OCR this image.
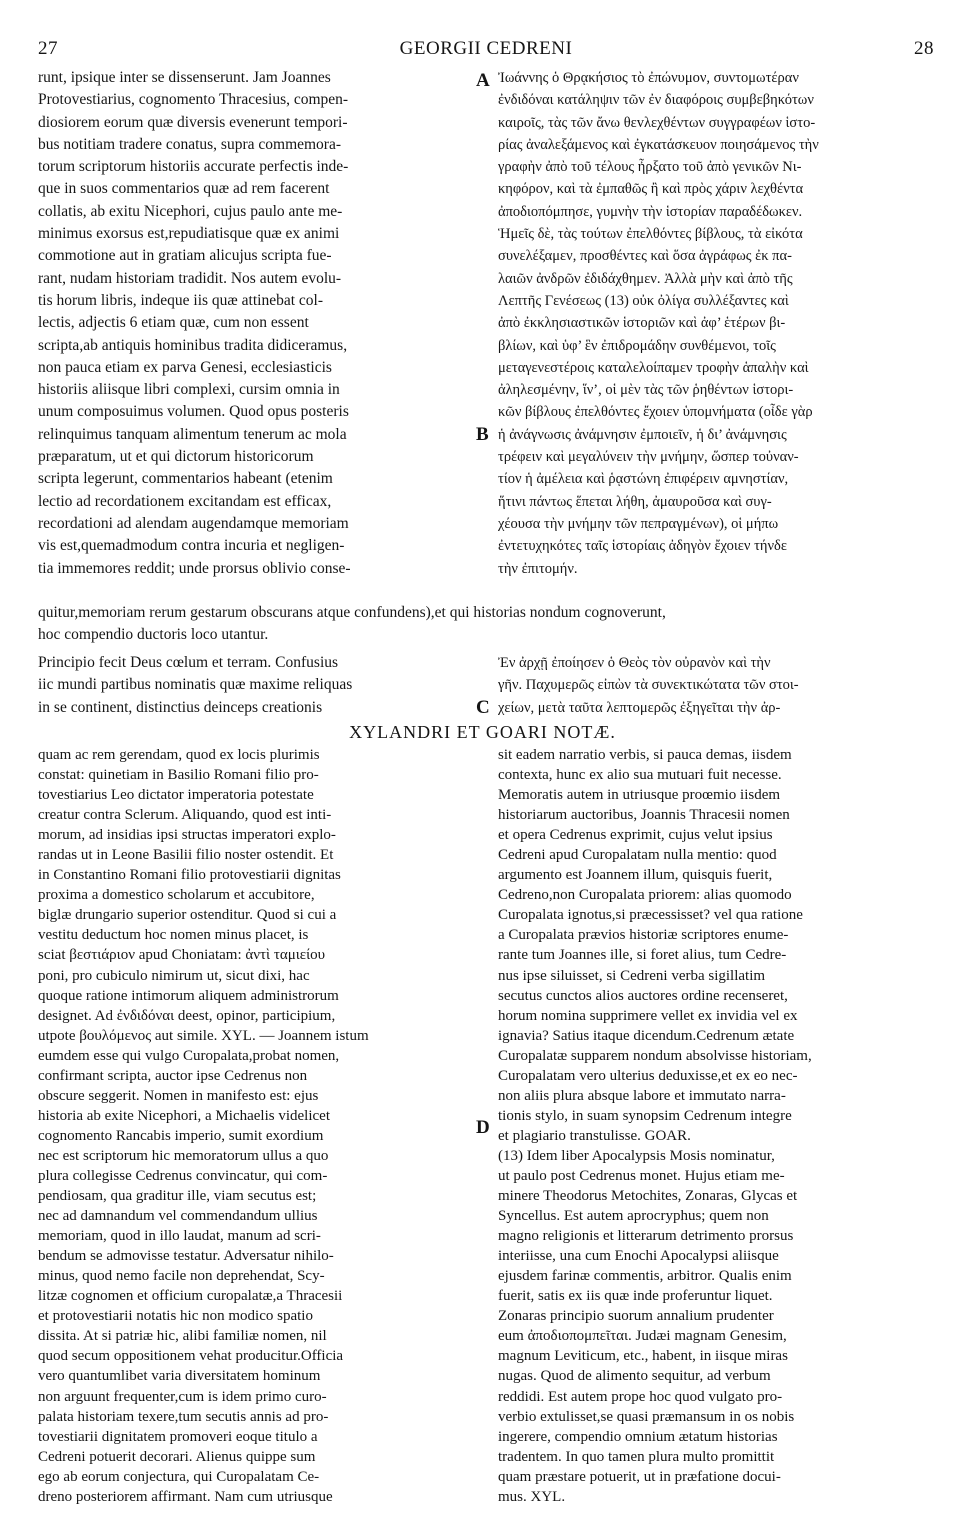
27	GEORGII CEDRENI	28
runt, ipsique inter se dissenserunt. Jam Joannes
Protovestiarius, cognomento Thracesius, compen-
diosiorem eorum quæ diversis evenerunt tempori-
bus notitiam tradere conatus, supra commemora-
torum scriptorum historiis accurate perfectis inde-
que in suos commentarios quæ ad rem facerent
collatis, ab exitu Nicephori, cujus paulo ante me-
minimus exorsus est,repudiatisque quæ ex animi
commotione aut in gratiam alicujus scripta fue-
rant, nudam historiam tradidit. Nos autem evolu-
tis horum libris, indeque iis quæ attinebat col-
lectis, adjectis 6 etiam quæ, cum non essent
scripta,ab antiquis hominibus tradita didiceramus,
non pauca etiam ex parva Genesi, ecclesiasticis
historiis aliisque libri complexi, cursim omnia in
unum composuimus volumen. Quod opus posteris
relinquimus tanquam alimentum tenerum ac mola
præparatum, ut et qui dictorum historicorum
scripta legerunt, commentarios habeant (etenim
lectio ad recordationem excitandam est efficax,
recordationi ad alendam augendamque memoriam
vis est,quemadmodum contra incuria et negligen-
tia immemores reddit; unde prorsus oblivio conse-
Ἰωάννης ὁ Θρᾳκήσιος τὸ ἐπώνυμον, συντομωτέραν
ἐνδιδόναι κατάληψιν τῶν ἐν διαφόροις συμβεβηκότων
καιροῖς, τὰς τῶν ἄνω θεvλεχθέντων συγγραφέων ἱστο-
ρίας ἀναλεξάμενος καὶ ἐγκατάσκευον ποιησάμενος τὴν
γραφὴν ἀπὸ τοῦ τέλους ἦρξατο τοῦ ἀπὸ γενικῶν Νι-
κηφόρον, καὶ τὰ ἐμπαθῶς ἢ καὶ πρὸς χάριν λεχθέντα
ἀποδιοπόμπησε, γυμνὴν τὴν ἱστορίαν παραδέδωκεν.
Ἡμεῖς δὲ, τὰς τούτων ἐπελθόντες βίβλους, τὰ εἰκότα
συνελέξαμεν, προσθέντες καὶ ὅσα ἀγράφως ἐκ πα-
λαιῶν ἀνδρῶν ἐδιδάχθημεν. Ἀλλὰ μὴν καὶ ἀπὸ τῆς
Λεπτῆς Γενέσεως (13) οὐκ ὀλίγα συλλέξαντες καὶ
ἀπὸ ἐκκλησιαστικῶν ἱστοριῶν καὶ ἀφ’ ἑτέρων βι-
βλίων, καὶ ὑφ’ ἓν ἐπιδρομάδην συνθέμενοι, τοῖς
μεταγενεστέροις καταλελοίπαμεν τροφὴν ἁπαλὴν καὶ
ἀληλεσμένην, ἵν’, οἱ μὲν τὰς τῶν ῥηθέντων ἱστορι-
κῶν βίβλους ἐπελθόντες ἔχοιεν ὑπομνήματα (οἶδε γὰρ
ἡ ἀνάγνωσις ἀνάμνησιν ἐμποιεῖν, ἡ δι’ ἀνάμνησις
τρέφειν καὶ μεγαλύνειν τὴν μνήμην, ὥσπερ τοὐναν-
τίον ἡ ἀμέλεια καὶ ῥᾳστώνη ἐπιφέρειν αμνηστίαν,
ἥτινι πάντως ἕπεται λήθη, ἀμαυροῦσα καὶ συγ-
χέουσα τὴν μνήμην τῶν πεπραγμένων), οἱ μήπω
ἐντετυχηκότες ταῖς ἱστορίαις ἀδηγὸν ἔχοιεν τήνδε
τὴν ἐπιτομήν.
A
B
quitur,memoriam rerum gestarum obscurans atque confundens),et qui historias nondum cognoverunt,
hoc compendio ductoris loco utantur.
Principio fecit Deus cœlum et terram. Confusius
iic mundi partibus nominatis quæ maxime reliquas
in se continent, distinctius deinceps creationis
Ἐν ἀρχῇ ἐποίησεν ὁ Θεὸς τὸν οὐρανὸν καὶ τὴν
γῆν. Παχυμερῶς εἰπὼν τὰ συνεκτικώτατα τῶν στοι-
χείων, μετὰ ταῦτα λεπτομερῶς ἐξηγεῖται τὴν ἀρ-
C
XYLANDRI ET GOARI NOTÆ.
quam ac rem gerendam, quod ex locis plurimis
constat: quinetiam in Basilio Romani filio pro-
tovestiarius Leo dictator imperatoria potestate
creatur contra Sclerum. Aliquando, quod est inti-
morum, ad insidias ipsi structas imperatori explo-
randas ut in Leone Basilii filio noster ostendit. Et
in Constantino Romani filio protovestiarii dignitas
proxima a domestico scholarum et accubitore,
biglæ drungario superior ostenditur. Quod si cui a
vestitu deductum hoc nomen minus placet, is
sciat βεστιάριον apud Choniatam: ἀντὶ ταμιείου
poni, pro cubiculo nimirum ut, sicut dixi, hac
quoque ratione intimorum aliquem administrorum
designet. Ad ἐνδιδόναι deest, opinor, participium,
utpote βουλόμενος aut simile. XYL. — Joannem istum
eumdem esse qui vulgo Curopalata,probat nomen,
confirmant scripta, auctor ipse Cedrenus non
obscure seggerit. Nomen in manifesto est: ejus
historia ab exite Nicephori, a Michaelis videlicet
cognomento Rancabis imperio, sumit exordium
nec est scriptorum hic memoratorum ullus a quo
plura collegisse Cedrenus convincatur, qui com-
pendiosam, qua graditur ille, viam secutus est;
nec ad damnandum vel commendandum ullius
memoriam, quod in illo laudat, manum ad scri-
bendum se admovisse testatur. Adversatur nihilo-
minus, quod nemo facile non deprehendat, Scy-
litzæ cognomen et officium curopalatæ,a Thracesii
et protovestiarii notatis hic non modico spatio
dissita. At si patriæ hic, alibi familiæ nomen, nil
quod secum oppositionem vehat producitur.Officia
vero quantumlibet varia diversitatem hominum
non arguunt frequenter,cum is idem primo curo-
palata historiam texere,tum secutis annis ad pro-
tovestiarii dignitatem promoveri eoque titulo a
Cedreni potuerit decorari. Alienus quippe sum
ego ab eorum conjectura, qui Curopalatam Ce-
dreno posteriorem affirmant. Nam cum utriusque
sit eadem narratio verbis, si pauca demas, iisdem
contexta, hunc ex alio sua mutuari fuit necesse.
Memoratis autem in utriusque proœmio iisdem
historiarum auctoribus, Joannis Thracesii nomen
et opera Cedrenus exprimit, cujus velut ipsius
Cedreni apud Curopalatam nulla mentio: quod
argumento est Joannem illum, quisquis fuerit,
Cedreno,non Curopalata priorem: alias quomodo
Curopalata ignotus,si præcessisset? vel qua ratione
a Curopalata prævios historiæ scriptores enume-
rante tum Joannes ille, si foret alius, tum Cedre-
nus ipse siluisset, si Cedreni verba sigillatim
secutus cunctos alios auctores ordine recenseret,
horum nomina supprimere vellet ex invidia vel ex
ignavia? Satius itaque dicendum.Cedrenum ætate
Curopalatæ supparem nondum absolvisse historiam,
Curopalatam vero ulterius deduxisse,et ex eo nec-
non aliis plura absque labore et immutato narra-
tionis stylo, in suam synopsim Cedrenum integre
et plagiario transtulisse. GOAR.
(13) Idem liber Apocalypsis Mosis nominatur,
ut paulo post Cedrenus monet. Hujus etiam me-
minere Theodorus Metochites, Zonaras, Glycas et
Syncellus. Est autem aprocryphus; quem non
magno religionis et litterarum detrimento prorsus
interiisse, una cum Enochi Apocalypsi aliisque
ejusdem farinæ commentis, arbitror. Qualis enim
fuerit, satis ex iis quæ inde proferuntur liquet.
Zonaras principio suorum annalium prudenter
eum ἀποδιοπομπεῖται. Judæi magnam Genesim,
magnum Leviticum, etc., habent, in iisque miras
nugas. Quod de alimento sequitur, ad verbum
reddidi. Est autem prope hoc quod vulgato pro-
verbio extulisset,se quasi præmansum in os nobis
ingerere, compendio omnium ætatum historias
tradentem. In quo tamen plura multo promittit
quam præstare potuerit, ut in præfatione docui-
mus. XYL.
D
